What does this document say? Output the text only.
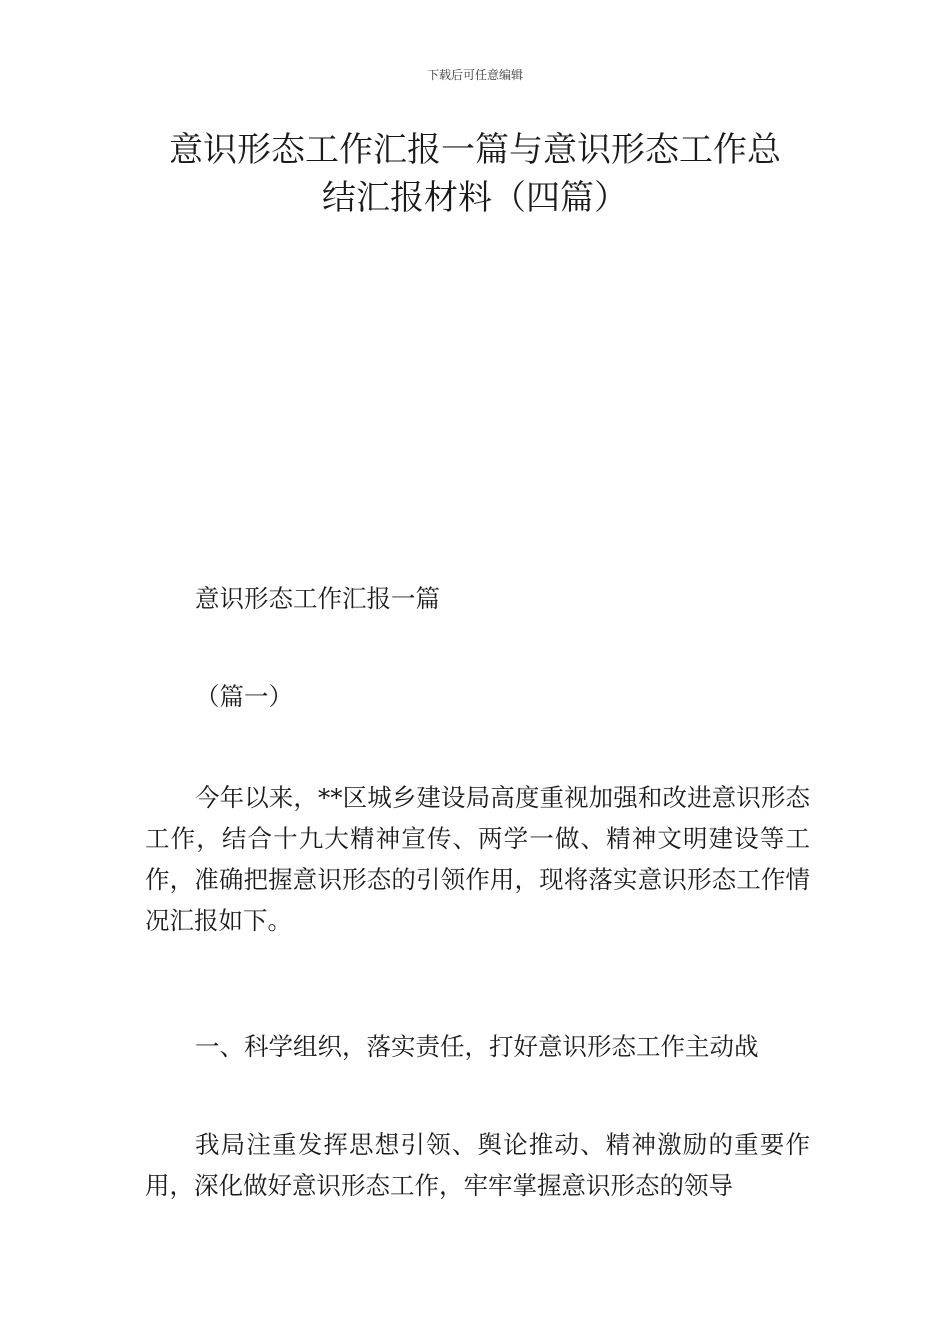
下载后可任意编辑
意识形态工作汇报一篇与意识形态工作总
结汇报材料（四篇）

意识形态工作汇报一篇

（篇一）

今年以来，**区城乡建设局高度重视加强和改进意识形态工作，结合十九大精神宣传、两学一做、精神文明建设等工作，准确把握意识形态的引领作用，现将落实意识形态工作情况汇报如下。

一、科学组织，落实责任，打好意识形态工作主动战

我局注重发挥思想引领、舆论推动、精神激励的重要作用，深化做好意识形态工作，牢牢掌握意识形态的领导
